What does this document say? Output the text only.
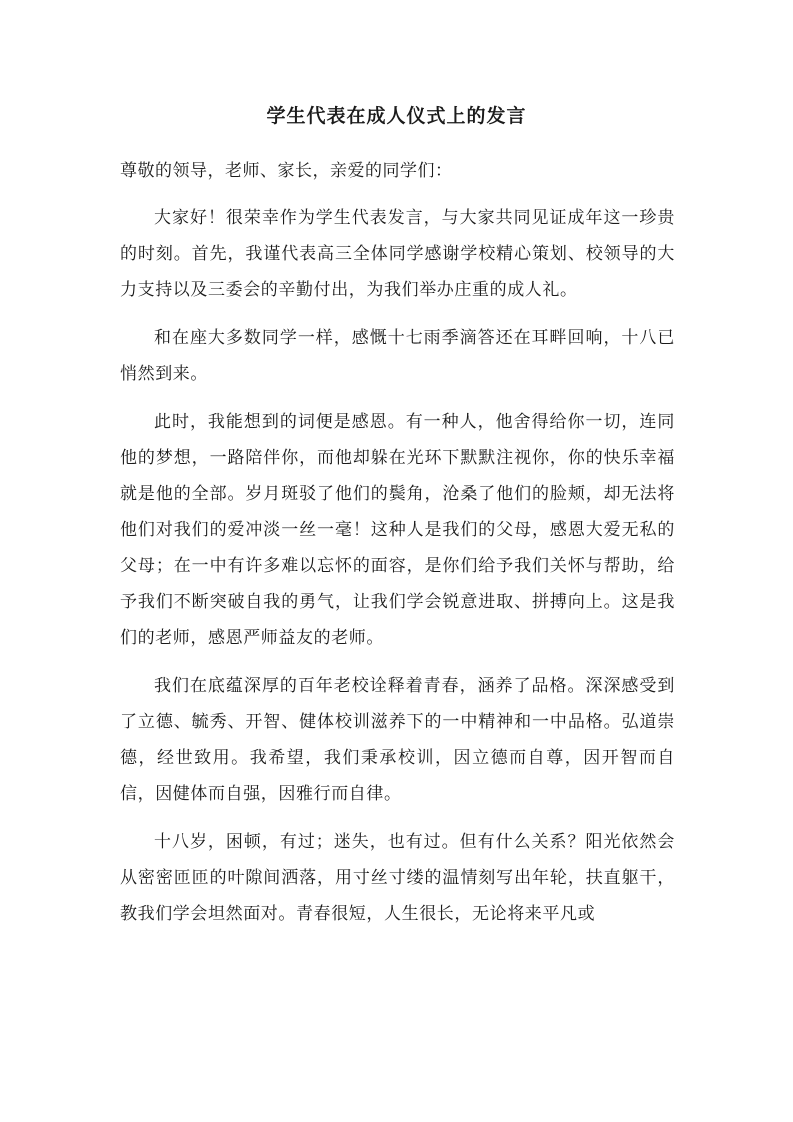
学生代表在成人仪式上的发言

尊敬的领导，老师、家长，亲爱的同学们：

大家好！很荣幸作为学生代表发言，与大家共同见证成年这一珍贵的时刻。首先，我谨代表高三全体同学感谢学校精心策划、校领导的大力支持以及三委会的辛勤付出，为我们举办庄重的成人礼。

和在座大多数同学一样，感慨十七雨季滴答还在耳畔回响，十八已悄然到来。

此时，我能想到的词便是感恩。有一种人，他舍得给你一切，连同他的梦想，一路陪伴你，而他却躲在光环下默默注视你，你的快乐幸福就是他的全部。岁月斑驳了他们的鬓角，沧桑了他们的脸颊，却无法将他们对我们的爱冲淡一丝一毫！这种人是我们的父母，感恩大爱无私的父母；在一中有许多难以忘怀的面容，是你们给予我们关怀与帮助，给予我们不断突破自我的勇气，让我们学会锐意进取、拼搏向上。这是我们的老师，感恩严师益友的老师。

我们在底蕴深厚的百年老校诠释着青春，涵养了品格。深深感受到了立德、毓秀、开智、健体校训滋养下的一中精神和一中品格。弘道崇德，经世致用。我希望，我们秉承校训，因立德而自尊，因开智而自信，因健体而自强，因雅行而自律。

十八岁，困顿，有过；迷失，也有过。但有什么关系？阳光依然会从密密匝匝的叶隙间洒落，用寸丝寸缕的温情刻写出年轮，扶直躯干，教我们学会坦然面对。青春很短，人生很长，无论将来平凡或
